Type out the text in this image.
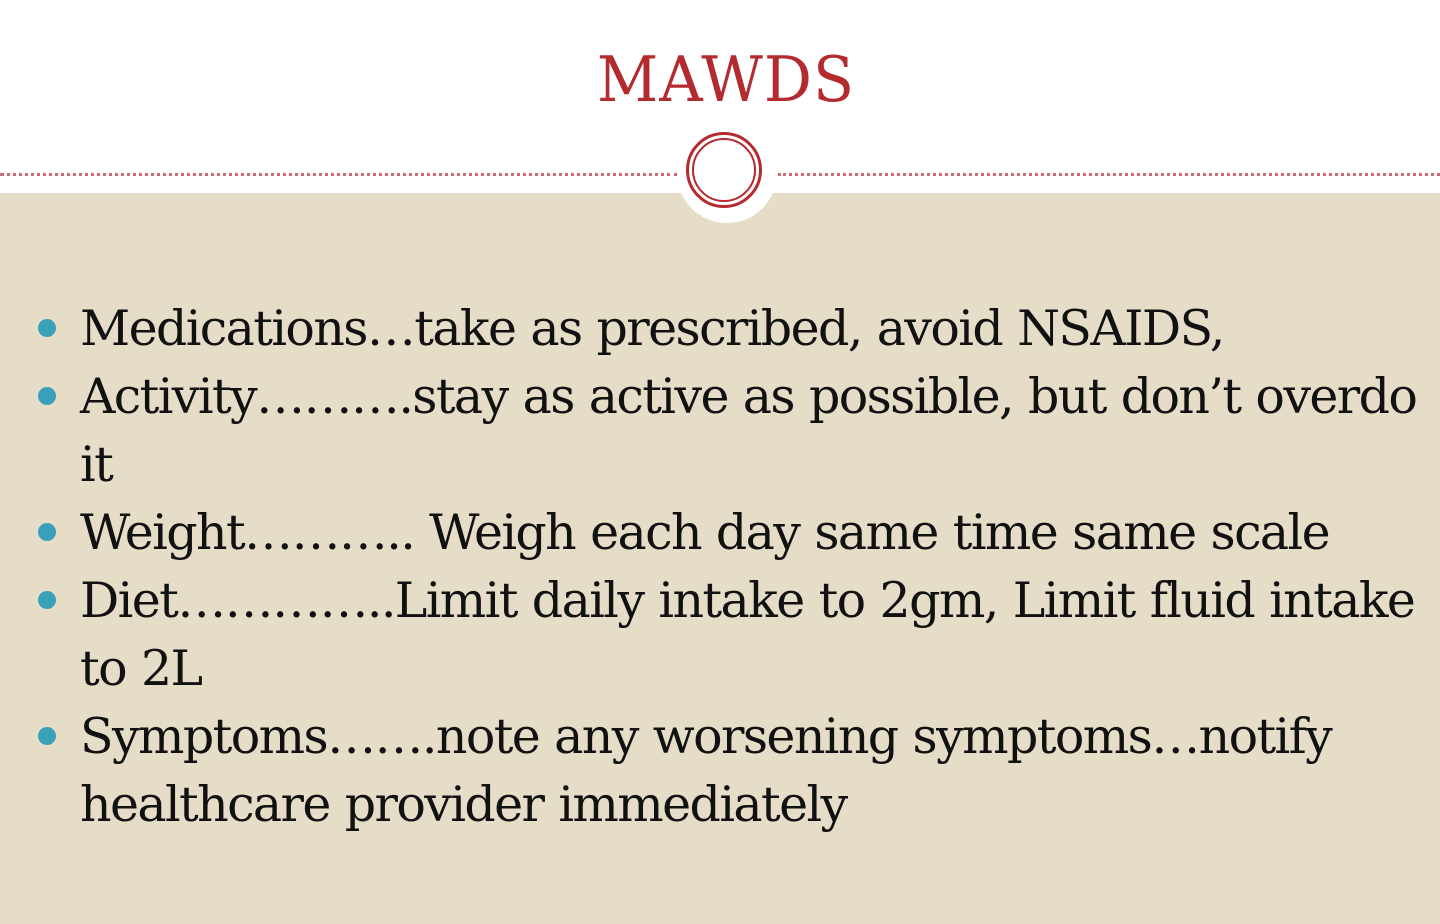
MAWDS
Medications…take as prescribed, avoid NSAIDS,
Activity……….stay as active as possible, but don’t overdo it
Weight……….. Weigh each day same time same scale
Diet…………..Limit daily intake to 2gm, Limit fluid intake to 2L
Symptoms…….note any worsening symptoms…notify healthcare provider immediately
